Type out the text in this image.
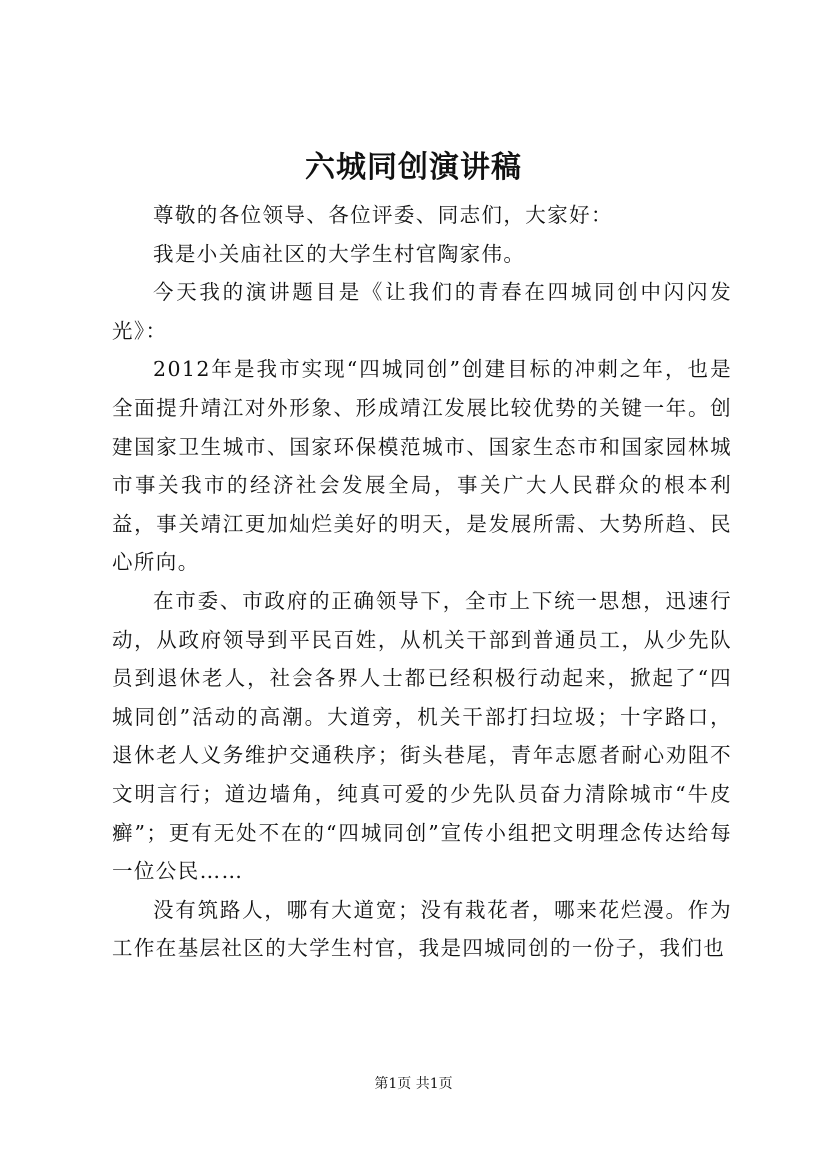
六城同创演讲稿

尊敬的各位领导、各位评委、同志们，大家好：

我是小关庙社区的大学生村官陶家伟。

今天我的演讲题目是《让我们的青春在四城同创中闪闪发光》：

2012年是我市实现“四城同创”创建目标的冲刺之年，也是全面提升靖江对外形象、形成靖江发展比较优势的关键一年。创建国家卫生城市、国家环保模范城市、国家生态市和国家园林城市事关我市的经济社会发展全局，事关广大人民群众的根本利益，事关靖江更加灿烂美好的明天，是发展所需、大势所趋、民心所向。

在市委、市政府的正确领导下，全市上下统一思想，迅速行动，从政府领导到平民百姓，从机关干部到普通员工，从少先队员到退休老人，社会各界人士都已经积极行动起来，掀起了“四城同创”活动的高潮。大道旁，机关干部打扫垃圾；十字路口，退休老人义务维护交通秩序；街头巷尾，青年志愿者耐心劝阻不文明言行；道边墙角，纯真可爱的少先队员奋力清除城市“牛皮癣”；更有无处不在的“四城同创”宣传小组把文明理念传达给每一位公民……

没有筑路人，哪有大道宽；没有栽花者，哪来花烂漫。作为工作在基层社区的大学生村官，我是四城同创的一份子，我们也

第1页 共1页
